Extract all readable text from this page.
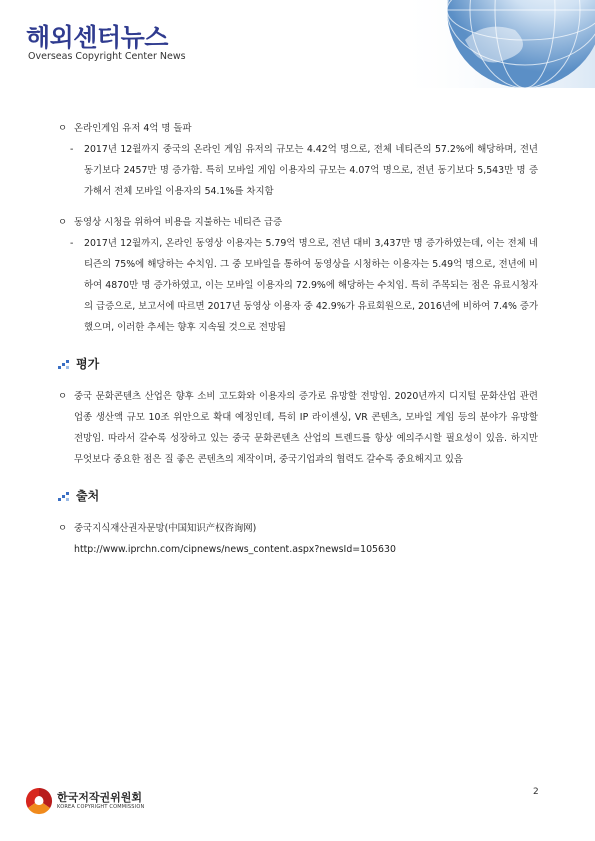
해외센터뉴스
Overseas Copyright Center News

ㅇ 온라인게임 유저 4억 명 돌파

- 2017년 12월까지 중국의 온라인 게임 유저의 규모는 4.42억 명으로, 전체 네티즌의 57.2%에 해당하며, 전년 동기보다 2457만 명 증가함. 특히 모바일 게임 이용자의 규모는 4.07억 명으로, 전년 동기보다 5,543만 명 증가해서 전체 모바일 이용자의 54.1%를 차지함

ㅇ 동영상 시청을 위하여 비용을 지불하는 네티즌 급증

- 2017년 12월까지, 온라인 동영상 이용자는 5.79억 명으로, 전년 대비 3,437만 명 증가하였는데, 이는 전체 네티즌의 75%에 해당하는 수치임. 그 중 모바일을 통하여 동영상을 시청하는 이용자는 5.49억 명으로, 전년에 비하여 4870만 명 증가하였고, 이는 모바일 이용자의 72.9%에 해당하는 수치임. 특히 주목되는 점은 유료시청자의 급증으로, 보고서에 따르면 2017년 동영상 이용자 중 42.9%가 유료회원으로, 2016년에 비하여 7.4% 증가했으며, 이러한 추세는 향후 지속될 것으로 전망됨

평가

ㅇ 중국 문화콘텐츠 산업은 향후 소비 고도화와 이용자의 증가로 유망할 전망임. 2020년까지 디지털 문화산업 관련 업종 생산액 규모 10조 위안으로 확대 예정인데, 특히 IP 라이센싱, VR 콘텐츠, 모바일 게임 등의 분야가 유망할 전망임. 따라서 갈수록 성장하고 있는 중국 문화콘텐츠 산업의 트렌드를 항상 예의주시할 필요성이 있음. 하지만 무엇보다 중요한 점은 질 좋은 콘텐츠의 제작이며, 중국기업과의 협력도 갈수록 중요해지고 있음

출처

ㅇ 중국지식재산권자문망(中国知识产权咨询网)

http://www.iprchn.com/cipnews/news_content.aspx?newsId=105630

한국저작권위원회
KOREA COPYRIGHT COMMISSION
2
